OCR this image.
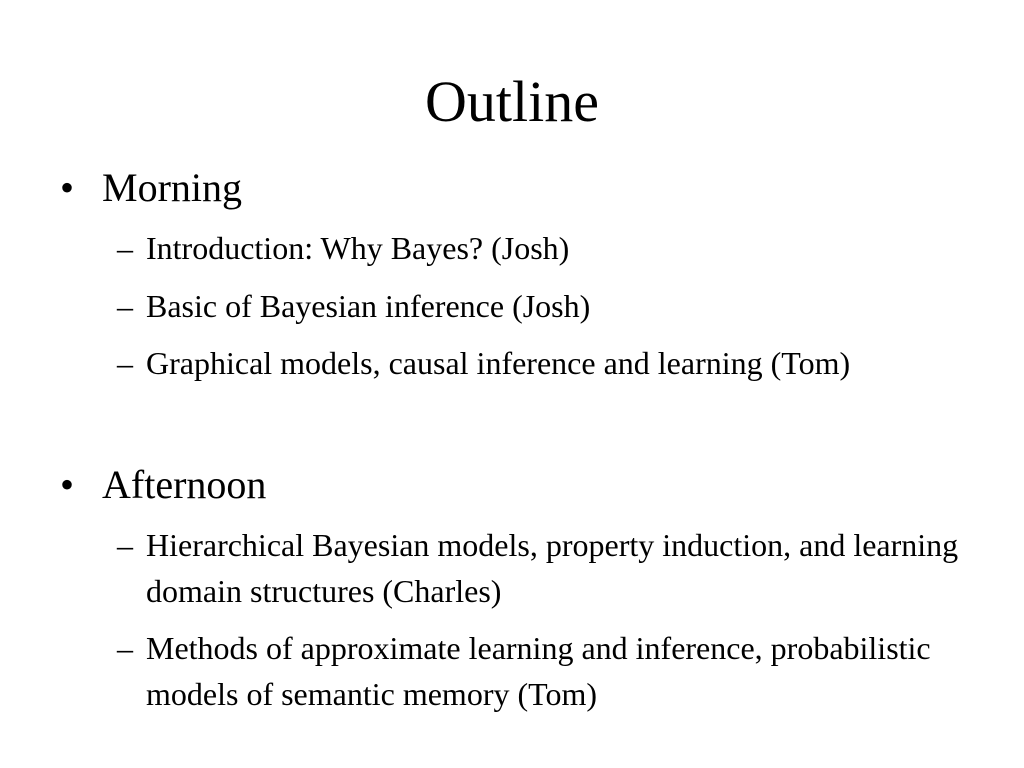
Outline
• Morning
– Introduction: Why Bayes? (Josh)
– Basic of Bayesian inference (Josh)
– Graphical models, causal inference and learning (Tom)
• Afternoon
– Hierarchical Bayesian models, property induction, and learning domain structures (Charles)
– Methods of approximate learning and inference, probabilistic models of semantic memory (Tom)
